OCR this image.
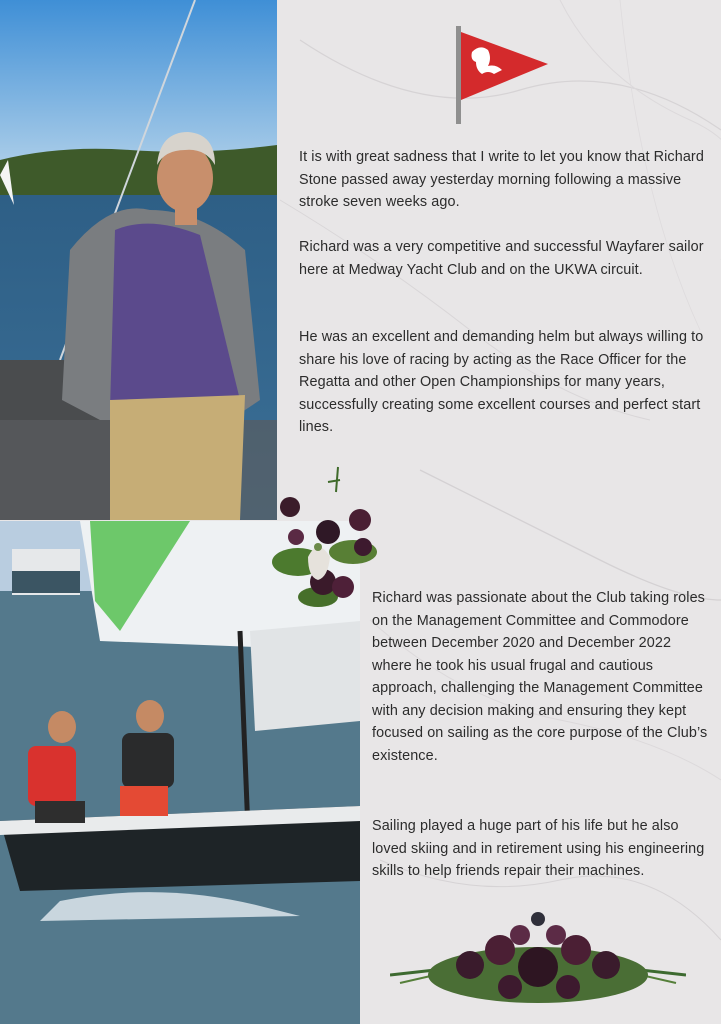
It is with great sadness that I write to let you know that Richard Stone passed away yesterday morning following a massive stroke seven weeks ago.

Richard was a very competitive and successful Wayfarer sailor here at Medway Yacht Club and on the UKWA circuit.

He was an excellent and demanding helm but always willing to share his love of racing by acting as the Race Officer for the Regatta and other Open Championships for many years, successfully creating some excellent courses and perfect start lines.

Richard was passionate about the Club taking roles on the Management Committee and Commodore between December 2020 and December 2022 where he took his usual frugal and cautious approach, challenging the Management Committee with any decision making and ensuring they kept focused on sailing as the core purpose of the Club’s existence.

Sailing played a huge part of his life but he also loved skiing and in retirement using his engineering skills to help friends repair their machines.
